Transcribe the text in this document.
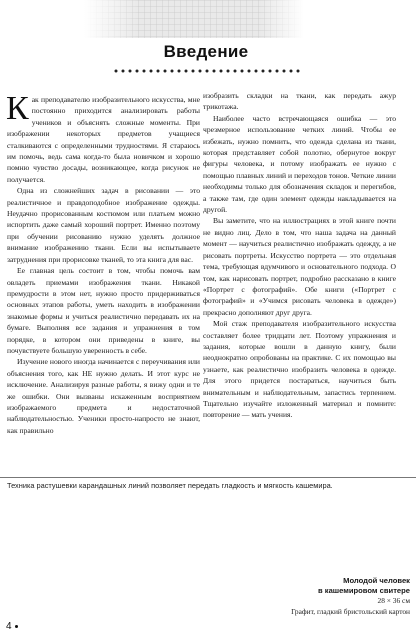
Введение

Как преподавателю изобразительного искусства, мне постоянно приходится анализировать работы учеников и объяснять сложные моменты. При изображении некоторых предметов учащиеся сталкиваются с определенными трудностями. Я стараюсь им помочь, ведь сама когда-то была новичком и хорошо помню чувство досады, возникающее, когда рисунок не получается.

Одна из сложнейших задач в рисовании — это реалистичное и правдоподобное изображение одежды. Неудачно прорисованным костюмом или платьем можно испортить даже самый хороший портрет. Именно поэтому при обучении рисованию нужно уделять должное внимание изображению ткани. Если вы испытываете затруднения при прорисовке тканей, то эта книга для вас.

Ее главная цель состоит в том, чтобы помочь вам овладеть приемами изображения ткани. Никакой премудрости в этом нет, нужно просто придерживаться основных этапов работы, уметь находить в изображении знакомые формы и учиться реалистично передавать их на бумаге. Выполняя все задания и упражнения в том порядке, в котором они приведены в книге, вы почувствуете большую уверенность в себе.

Изучение нового иногда начинается с переучивания или объяснения того, как НЕ нужно делать. И этот курс не исключение. Анализируя разные работы, я вижу одни и те же ошибки. Они вызваны искаженным восприятием изображаемого предмета и недостаточной наблюдательностью. Ученики просто-напросто не знают, как правильно

изобразить складки на ткани, как передать ажур трикотажа.

Наиболее часто встречающаяся ошибка — это чрезмерное использование четких линий. Чтобы ее избежать, нужно помнить, что одежда сделана из ткани, которая представляет собой полотно, обернутое вокруг фигуры человека, и потому изображать ее нужно с помощью плавных линий и переходов тонов. Четкие линии необходимы только для обозначения складок и перегибов, а также там, где один элемент одежды накладывается на другой.

Вы заметите, что на иллюстрациях в этой книге почти не видно лиц. Дело в том, что наша задача на данный момент — научиться реалистично изображать одежду, а не рисовать портреты. Искусство портрета — это отдельная тема, требующая вдумчивого и основательного подхода. О том, как нарисовать портрет, подробно рассказано в книге «Портрет с фотографий». Обе книги («Портрет с фотографий» и «Учимся рисовать человека в одежде») прекрасно дополняют друг друга.

Мой стаж преподавателя изобразительного искусства составляет более тридцати лет. Поэтому упражнения и задания, которые вошли в данную книгу, были неоднократно опробованы на практике. С их помощью вы узнаете, как реалистично изобразить человека в одежде. Для этого придется постараться, научиться быть внимательным и наблюдательным, запастись терпением. Тщательно изучайте изложенный материал и помните: повторение — мать учения.

Техника растушевки карандашных линий позволяет передать гладкость и мягкость кашемира.
Молодой человек
в кашемировом свитере
28 × 36 см
Графит, гладкий бристольский картон
4
